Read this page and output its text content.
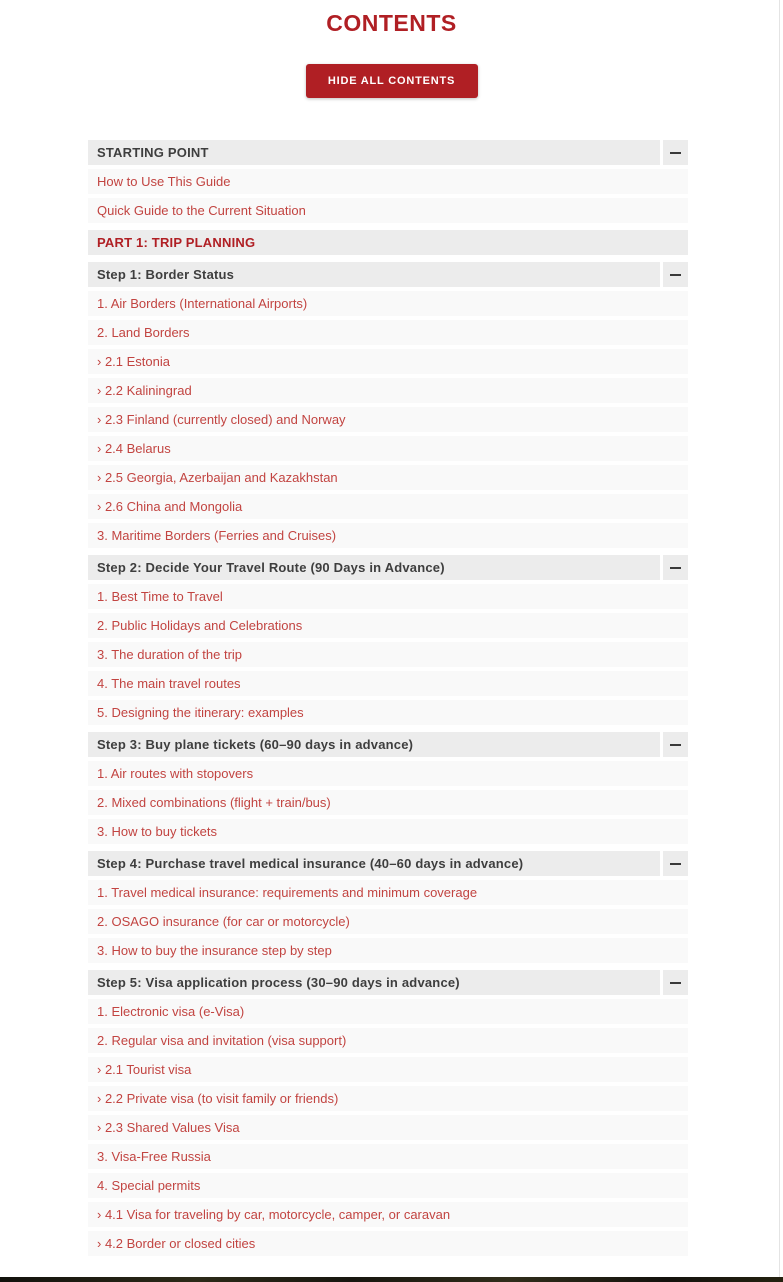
CONTENTS
HIDE ALL CONTENTS
STARTING POINT
How to Use This Guide
Quick Guide to the Current Situation
PART 1: TRIP PLANNING
Step 1: Border Status
1. Air Borders (International Airports)
2. Land Borders
› 2.1 Estonia
› 2.2 Kaliningrad
› 2.3 Finland (currently closed) and Norway
› 2.4 Belarus
› 2.5 Georgia, Azerbaijan and Kazakhstan
› 2.6 China and Mongolia
3. Maritime Borders (Ferries and Cruises)
Step 2: Decide Your Travel Route (90 Days in Advance)
1. Best Time to Travel
2. Public Holidays and Celebrations
3. The duration of the trip
4. The main travel routes
5. Designing the itinerary: examples
Step 3: Buy plane tickets (60–90 days in advance)
1. Air routes with stopovers
2. Mixed combinations (flight + train/bus)
3. How to buy tickets
Step 4: Purchase travel medical insurance (40–60 days in advance)
1. Travel medical insurance: requirements and minimum coverage
2. OSAGO insurance (for car or motorcycle)
3. How to buy the insurance step by step
Step 5: Visa application process (30–90 days in advance)
1. Electronic visa (e-Visa)
2. Regular visa and invitation (visa support)
› 2.1 Tourist visa
› 2.2 Private visa (to visit family or friends)
› 2.3 Shared Values Visa
3. Visa-Free Russia
4. Special permits
› 4.1 Visa for traveling by car, motorcycle, camper, or caravan
› 4.2 Border or closed cities
